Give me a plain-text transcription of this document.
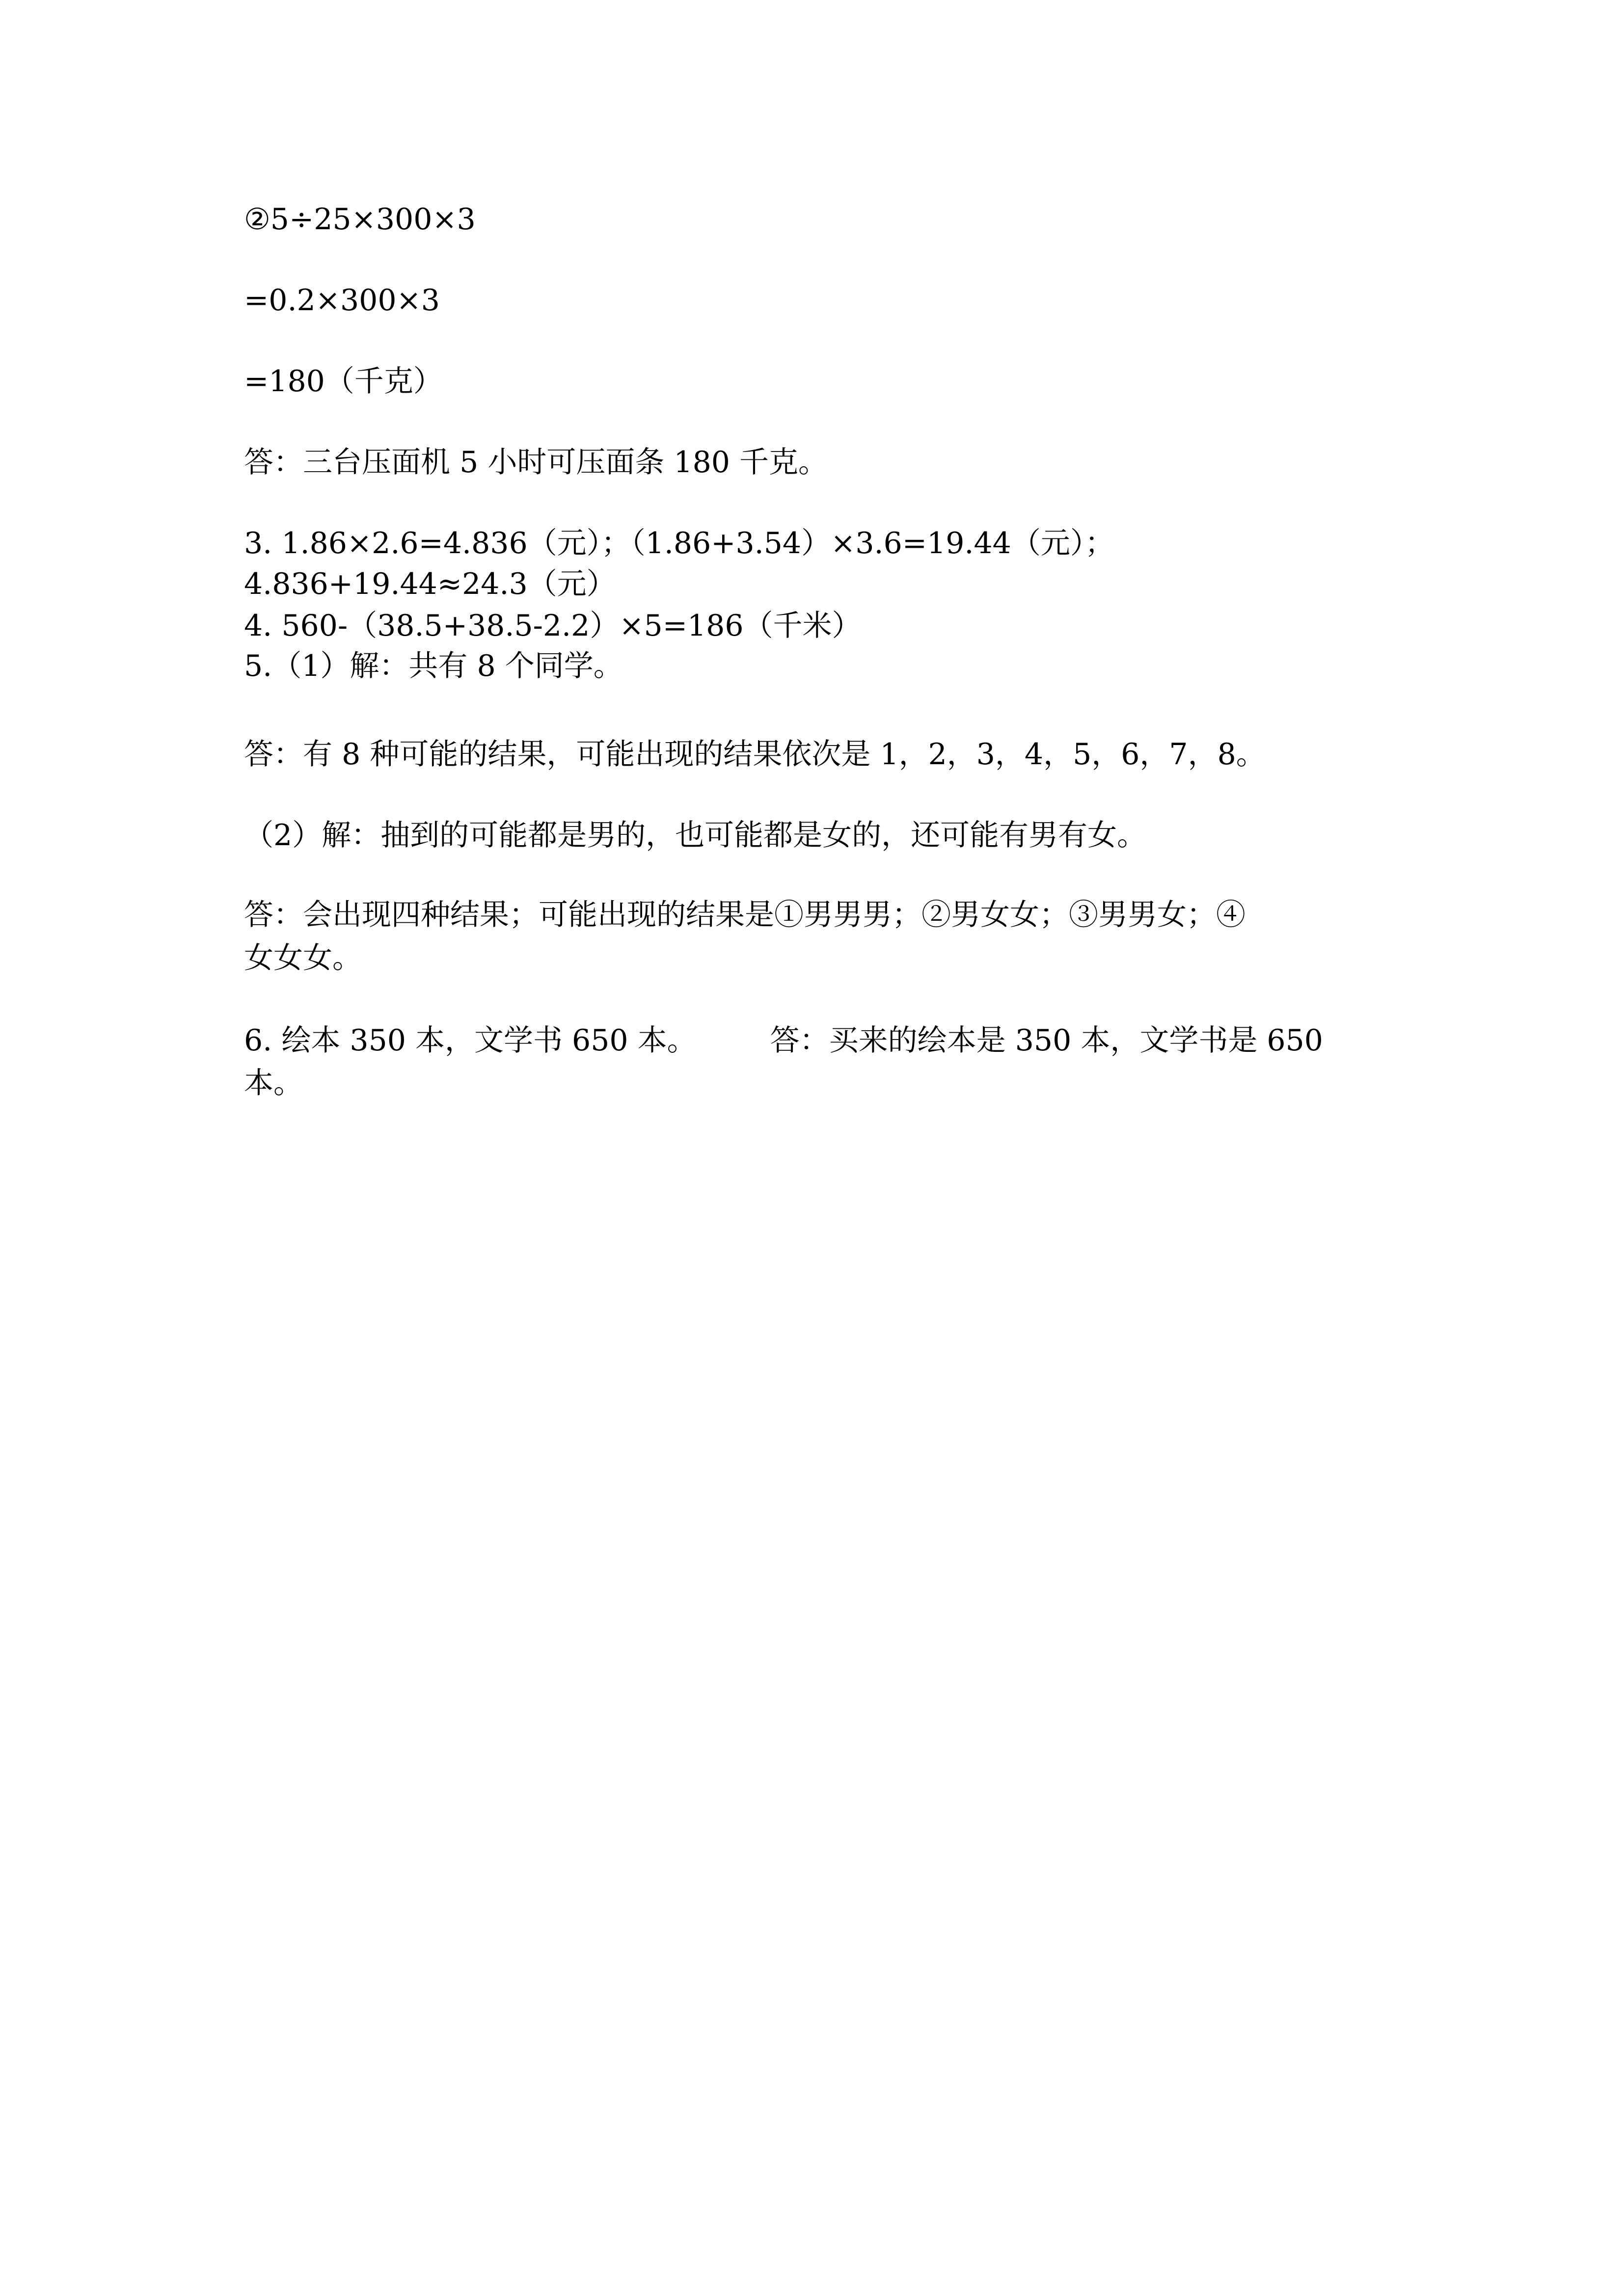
②5÷25×300×3
=0.2×300×3
=180（千克）
答：三台压面机 5 小时可压面条 180 千克。
3. 1.86×2.6=4.836（元）；（1.86+3.54）×3.6=19.44（元）；
4.836+19.44≈24.3（元）
4. 560-（38.5+38.5-2.2）×5=186（千米）
5.（1）解：共有 8 个同学。
答：有 8 种可能的结果，可能出现的结果依次是 1，2，3，4，5，6，7，8。
（2）解：抽到的可能都是男的，也可能都是女的，还可能有男有女。
答：会出现四种结果；可能出现的结果是①男男男；②男女女；③男男女；④
女女女。
6. 绘本 350 本，文学书 650 本。	答：买来的绘本是 350 本，文学书是 650
本。
